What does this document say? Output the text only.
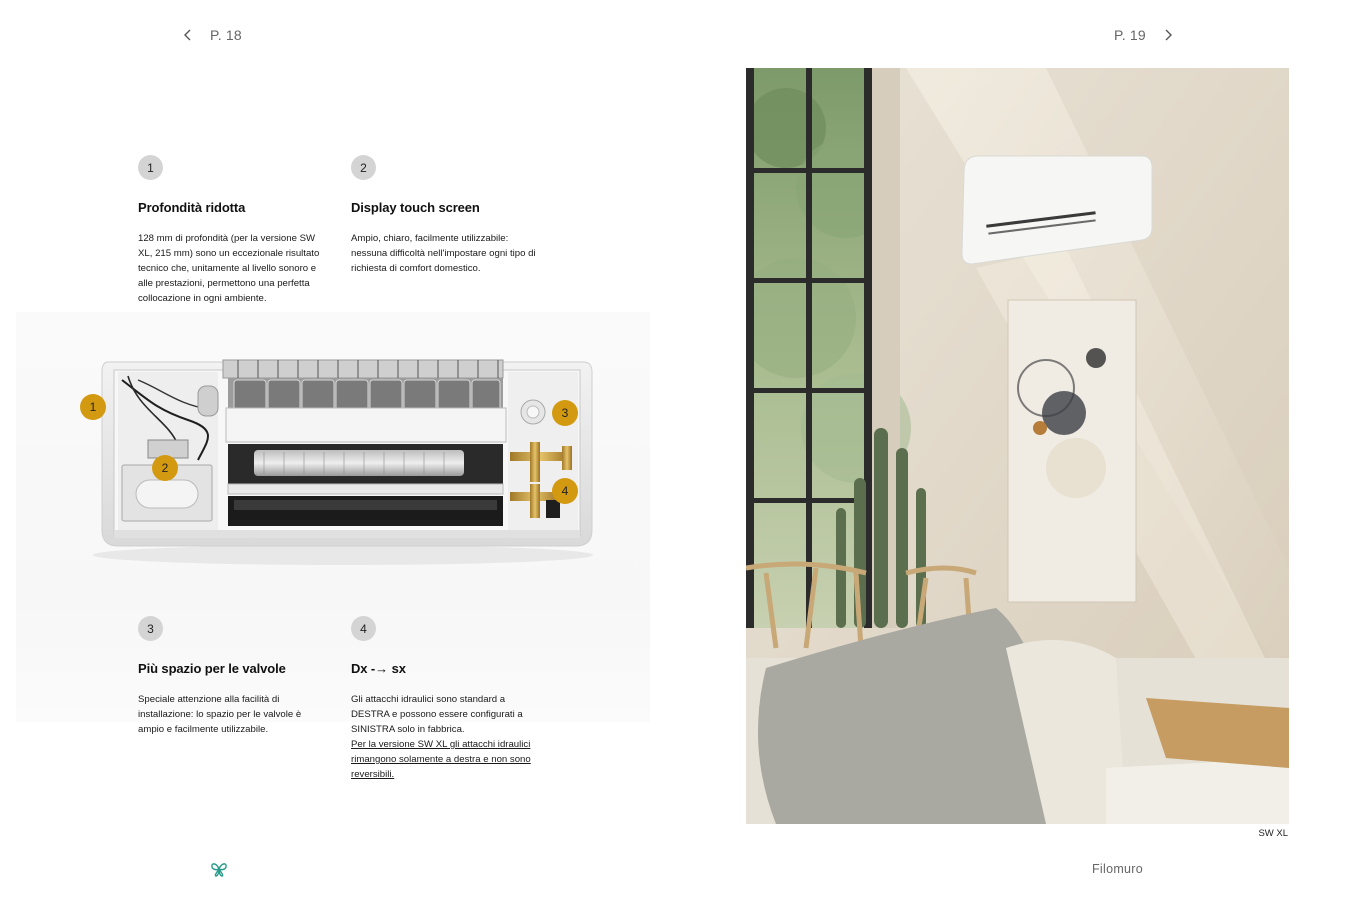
P. 18	P. 19
1
2
3
4
1
Profondità ridotta

128 mm di profondità (per la versione SW XL, 215 mm) sono un eccezionale risultato tecnico che, unitamente al livello sonoro e alle prestazioni, permettono una perfetta collocazione in ogni ambiente.

2
Display touch screen

Ampio, chiaro, facilmente utilizzabile: nessuna difficoltà nell'impostare ogni tipo di richiesta di comfort domestico.

3
Più spazio per le valvole

Speciale attenzione alla facilità di installazione: lo spazio per le valvole è ampio e facilmente utilizzabile.

4
Dx -→ sx

Gli attacchi idraulici sono standard a DESTRA e possono essere configurati a SINISTRA solo in fabbrica.

Per la versione SW XL gli attacchi idraulici rimangono solamente a destra e non sono reversibili.

SW XL
Filomuro
